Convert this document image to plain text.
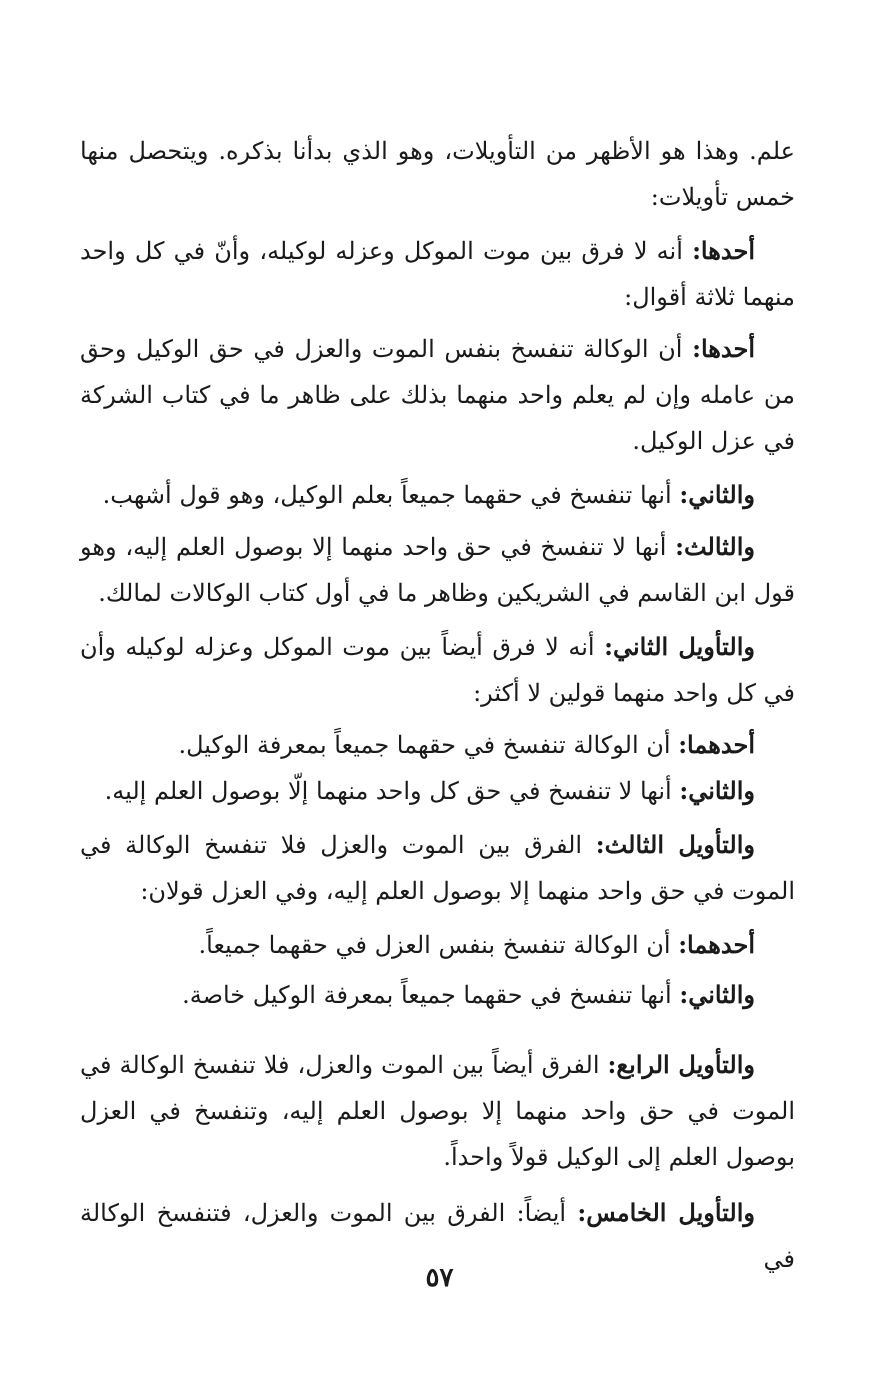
علم. وهذا هو الأظهر من التأويلات، وهو الذي بدأنا بذكره. ويتحصل منها خمس تأويلات:

أحدها: أنه لا فرق بين موت الموكل وعزله لوكيله، وأنّ في كل واحد منهما ثلاثة أقوال:

أحدها: أن الوكالة تنفسخ بنفس الموت والعزل في حق الوكيل وحق من عامله وإن لم يعلم واحد منهما بذلك على ظاهر ما في كتاب الشركة في عزل الوكيل.

والثاني: أنها تنفسخ في حقهما جميعاً بعلم الوكيل، وهو قول أشهب.

والثالث: أنها لا تنفسخ في حق واحد منهما إلا بوصول العلم إليه، وهو قول ابن القاسم في الشريكين وظاهر ما في أول كتاب الوكالات لمالك.

والتأويل الثاني: أنه لا فرق أيضاً بين موت الموكل وعزله لوكيله وأن في كل واحد منهما قولين لا أكثر:

أحدهما: أن الوكالة تنفسخ في حقهما جميعاً بمعرفة الوكيل.

والثاني: أنها لا تنفسخ في حق كل واحد منهما إلّا بوصول العلم إليه.

والتأويل الثالث: الفرق بين الموت والعزل فلا تنفسخ الوكالة في الموت في حق واحد منهما إلا بوصول العلم إليه، وفي العزل قولان:

أحدهما: أن الوكالة تنفسخ بنفس العزل في حقهما جميعاً.

والثاني: أنها تنفسخ في حقهما جميعاً بمعرفة الوكيل خاصة.

والتأويل الرابع: الفرق أيضاً بين الموت والعزل، فلا تنفسخ الوكالة في الموت في حق واحد منهما إلا بوصول العلم إليه، وتنفسخ في العزل بوصول العلم إلى الوكيل قولاً واحداً.

والتأويل الخامس: أيضاً: الفرق بين الموت والعزل، فتنفسخ الوكالة في

٥٧
